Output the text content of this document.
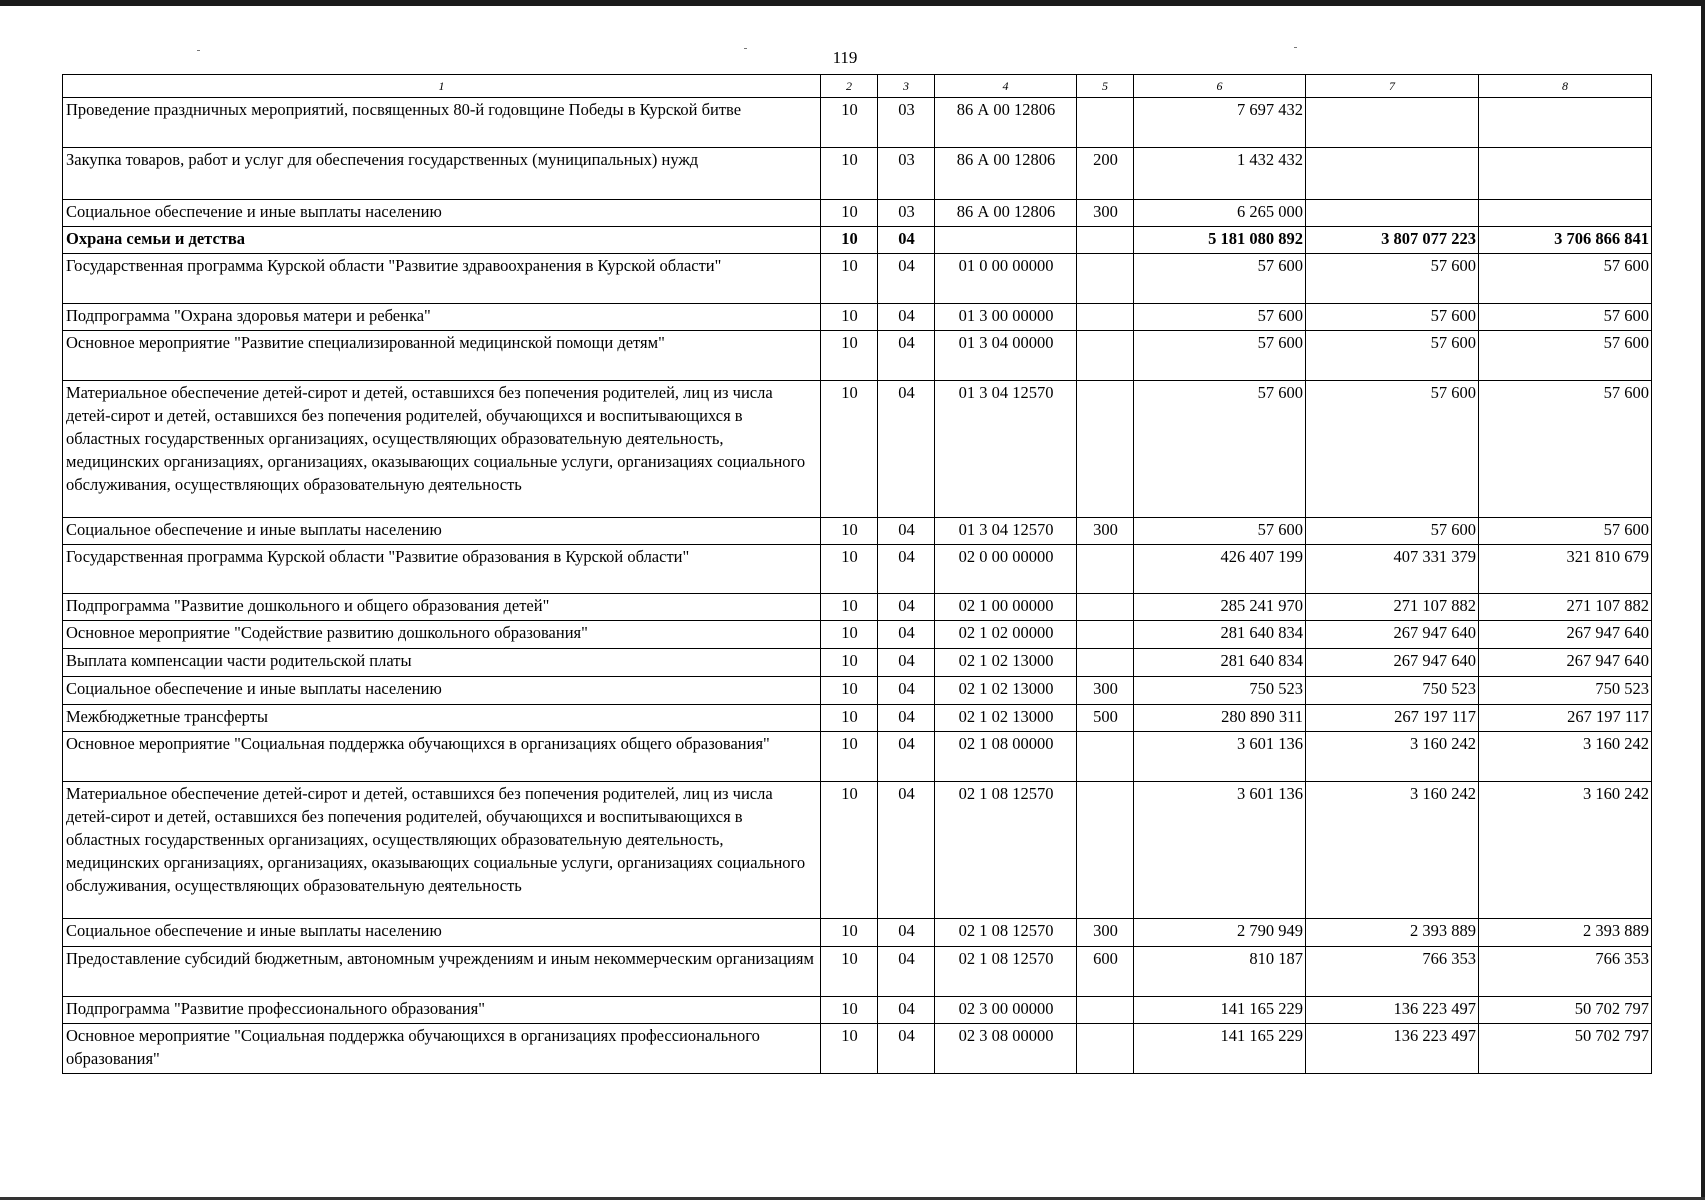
119
1	2	3	4	5	6	7	8
Проведение праздничных мероприятий, посвященных 80-й годовщине Победы в Курской битве	10	03	86 А 00 12806		7 697 432		
Закупка товаров, работ и услуг для обеспечения государственных (муниципальных) нужд	10	03	86 А 00 12806	200	1 432 432		
Социальное обеспечение и иные выплаты населению	10	03	86 А 00 12806	300	6 265 000		
Охрана семьи и детства	10	04			5 181 080 892	3 807 077 223	3 706 866 841
Государственная программа Курской области "Развитие здравоохранения в Курской области"	10	04	01 0 00 00000		57 600	57 600	57 600
Подпрограмма "Охрана здоровья матери и ребенка"	10	04	01 3 00 00000		57 600	57 600	57 600
Основное мероприятие "Развитие специализированной медицинской помощи детям"	10	04	01 3 04 00000		57 600	57 600	57 600
Материальное обеспечение детей-сирот и детей, оставшихся без попечения родителей, лиц из числа детей-сирот и детей, оставшихся без попечения родителей, обучающихся и воспитывающихся в областных государственных организациях, осуществляющих образовательную деятельность, медицинских организациях, организациях, оказывающих социальные услуги, организациях социального обслуживания, осуществляющих образовательную деятельность	10	04	01 3 04 12570		57 600	57 600	57 600
Социальное обеспечение и иные выплаты населению	10	04	01 3 04 12570	300	57 600	57 600	57 600
Государственная программа Курской области "Развитие образования в Курской области"	10	04	02 0 00 00000		426 407 199	407 331 379	321 810 679
Подпрограмма "Развитие дошкольного и общего образования детей"	10	04	02 1 00 00000		285 241 970	271 107 882	271 107 882
Основное мероприятие "Содействие развитию дошкольного образования"	10	04	02 1 02 00000		281 640 834	267 947 640	267 947 640
Выплата компенсации части родительской платы	10	04	02 1 02 13000		281 640 834	267 947 640	267 947 640
Социальное обеспечение и иные выплаты населению	10	04	02 1 02 13000	300	750 523	750 523	750 523
Межбюджетные трансферты	10	04	02 1 02 13000	500	280 890 311	267 197 117	267 197 117
Основное мероприятие "Социальная поддержка обучающихся в организациях общего образования"	10	04	02 1 08 00000		3 601 136	3 160 242	3 160 242
Материальное обеспечение детей-сирот и детей, оставшихся без попечения родителей, лиц из числа детей-сирот и детей, оставшихся без попечения родителей, обучающихся и воспитывающихся в областных государственных организациях, осуществляющих образовательную деятельность, медицинских организациях, организациях, оказывающих социальные услуги, организациях социального обслуживания, осуществляющих образовательную деятельность	10	04	02 1 08 12570		3 601 136	3 160 242	3 160 242
Социальное обеспечение и иные выплаты населению	10	04	02 1 08 12570	300	2 790 949	2 393 889	2 393 889
Предоставление субсидий бюджетным, автономным учреждениям и иным некоммерческим организациям	10	04	02 1 08 12570	600	810 187	766 353	766 353
Подпрограмма "Развитие профессионального образования"	10	04	02 3 00 00000		141 165 229	136 223 497	50 702 797
Основное мероприятие "Социальная поддержка обучающихся в организациях профессионального образования"	10	04	02 3 08 00000		141 165 229	136 223 497	50 702 797
